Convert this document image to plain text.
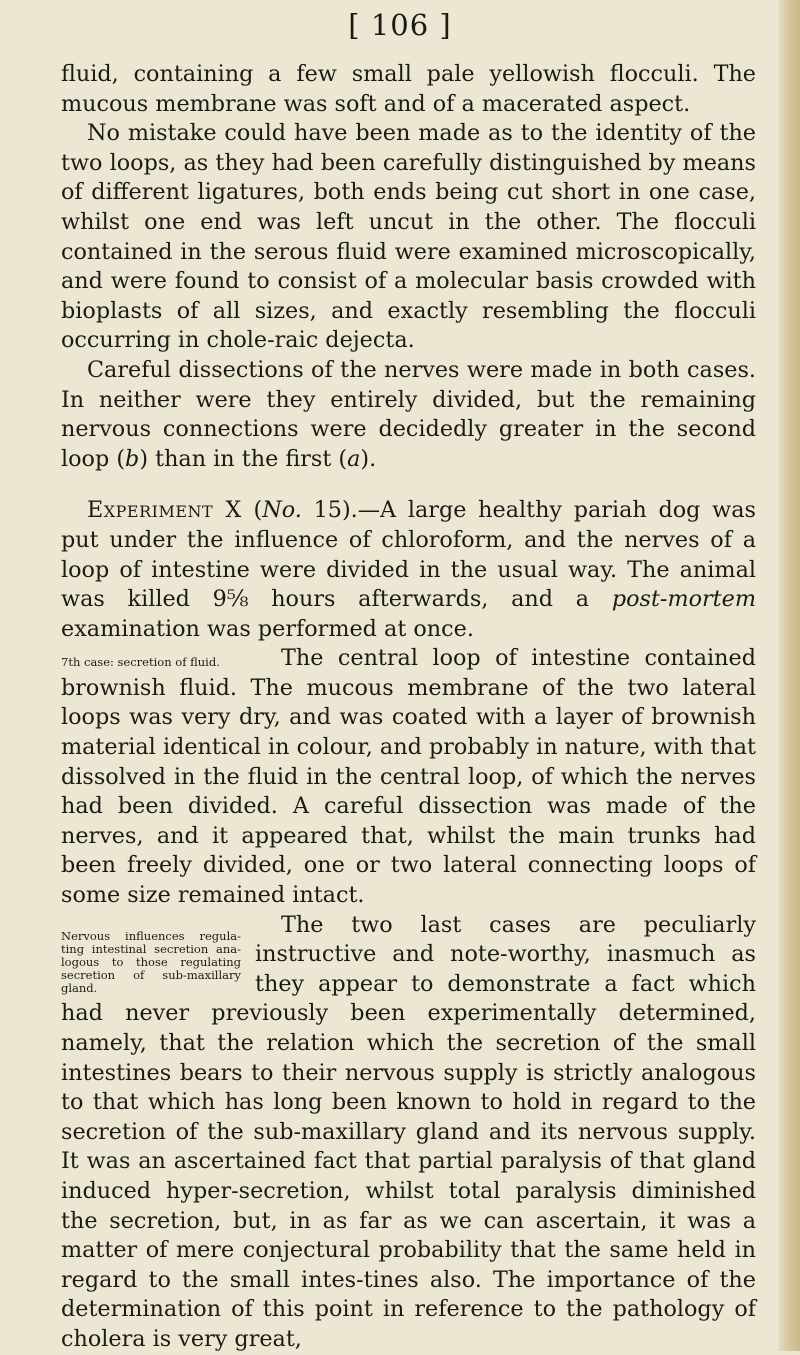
[ 106 ]

fluid, containing a few small pale yellowish flocculi. The mucous membrane was soft and of a macerated aspect.

No mistake could have been made as to the identity of the two loops, as they had been carefully distinguished by means of different ligatures, both ends being cut short in one case, whilst one end was left uncut in the other. The flocculi contained in the serous fluid were examined microscopically, and were found to consist of a molecular basis crowded with bioplasts of all sizes, and exactly resembling the flocculi occurring in chole-raic dejecta.

Careful dissections of the nerves were made in both cases. In neither were they entirely divided, but the remaining nervous connections were decidedly greater in the second loop (b) than in the first (a).

Experiment X (No. 15).—A large healthy pariah dog was put under the influence of chloroform, and the nerves of a loop of intestine were divided in the usual way. The animal was killed 9⅝ hours afterwards, and a post-mortem examination was performed at once.

7th case: secretion of fluid.	The central loop of intestine contained brownish fluid. The mucous membrane of the two lateral loops was very dry, and was coated with a layer of brownish material identical in colour, and probably in nature, with that dissolved in the fluid in the central loop, of which the nerves had been divided. A careful dissection was made of the nerves, and it appeared that, whilst the main trunks had been freely divided, one or two lateral connecting loops of some size remained intact.

Nervous influences regula-ting intestinal secretion ana-logous to those regulating secretion of sub-maxillary gland.
The two last cases are peculiarly instructive and note-worthy, inasmuch as they appear to demonstrate a fact which had never previously been experimentally determined, namely, that the relation which the secretion of the small intestines bears to their nervous supply is strictly analogous to that which has long been known to hold in regard to the secretion of the sub-maxillary gland and its nervous supply. It was an ascertained fact that partial paralysis of that gland induced hyper-secretion, whilst total paralysis diminished the secretion, but, in as far as we can ascertain, it was a matter of mere conjectural probability that the same held in regard to the small intes-tines also. The importance of the determination of this point in reference to the pathology of cholera is very great,
